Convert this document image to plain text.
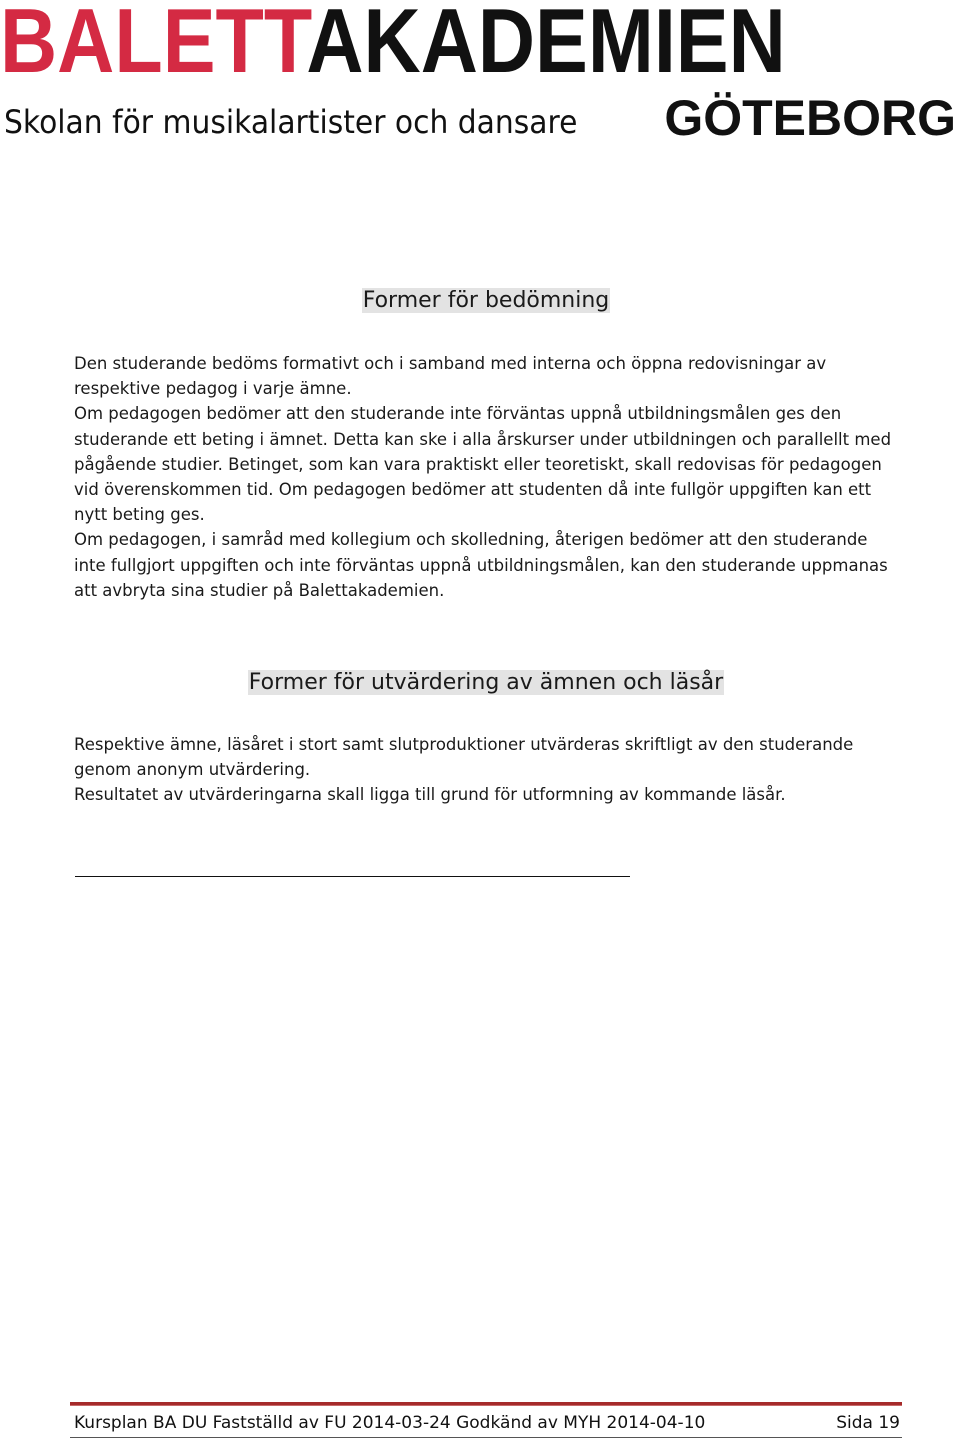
BALETTAKADEMIEN
Skolan för musikalartister och dansare GÖTEBORG
Former för bedömning

Den studerande bedöms formativt och i samband med interna och öppna redovisningar av respektive pedagog i varje ämne.

Om pedagogen bedömer att den studerande inte förväntas uppnå utbildningsmålen ges den studerande ett beting i ämnet. Detta kan ske i alla årskurser under utbildningen och parallellt med pågående studier. Betinget, som kan vara praktiskt eller teoretiskt, skall redovisas för pedagogen vid överenskommen tid. Om pedagogen bedömer att studenten då inte fullgör uppgiften kan ett nytt beting ges.

Om pedagogen, i samråd med kollegium och skolledning, återigen bedömer att den studerande inte fullgjort uppgiften och inte förväntas uppnå utbildningsmålen, kan den studerande uppmanas att avbryta sina studier på Balettakademien.

Former för utvärdering av ämnen och läsår

Respektive ämne, läsåret i stort samt slutproduktioner utvärderas skriftligt av den studerande genom anonym utvärdering.

Resultatet av utvärderingarna skall ligga till grund för utformning av kommande läsår.

Kursplan BA DU Fastställd av FU 2014-03-24 Godkänd av MYH 2014-04-10	Sida 19
